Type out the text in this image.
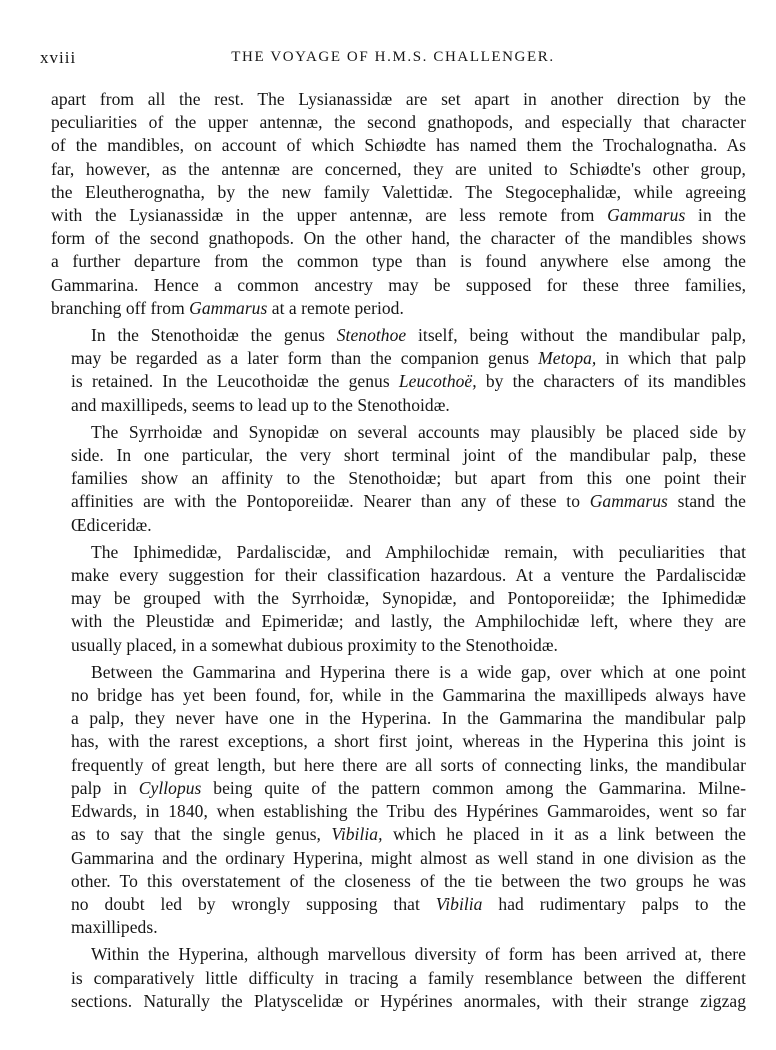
xviii	THE VOYAGE OF H.M.S. CHALLENGER.
apart from all the rest. The Lysianassidæ are set apart in another direction by the
peculiarities of the upper antennæ, the second gnathopods, and especially that character
of the mandibles, on account of which Schiødte has named them the Trochalognatha. As
far, however, as the antennæ are concerned, they are united to Schiødte's other group,
the Eleutherognatha, by the new family Valettidæ. The Stegocephalidæ, while agreeing
with the Lysianassidæ in the upper antennæ, are less remote from Gammarus in the
form of the second gnathopods. On the other hand, the character of the mandibles shows
a further departure from the common type than is found anywhere else among the
Gammarina. Hence a common ancestry may be supposed for these three families,
branching off from Gammarus at a remote period.
In the Stenothoidæ the genus Stenothoe itself, being without the mandibular palp,
may be regarded as a later form than the companion genus Metopa, in which that palp
is retained. In the Leucothoidæ the genus Leucothoë, by the characters of its mandibles
and maxillipeds, seems to lead up to the Stenothoidæ.
The Syrrhoidæ and Synopidæ on several accounts may plausibly be placed side by
side. In one particular, the very short terminal joint of the mandibular palp, these
families show an affinity to the Stenothoidæ; but apart from this one point their
affinities are with the Pontoporeiidæ. Nearer than any of these to Gammarus stand the
Œdiceridæ.
The Iphimedidæ, Pardaliscidæ, and Amphilochidæ remain, with peculiarities that
make every suggestion for their classification hazardous. At a venture the Pardaliscidæ
may be grouped with the Syrrhoidæ, Synopidæ, and Pontoporeiidæ; the Iphimedidæ
with the Pleustidæ and Epimeridæ; and lastly, the Amphilochidæ left, where they are
usually placed, in a somewhat dubious proximity to the Stenothoidæ.
Between the Gammarina and Hyperina there is a wide gap, over which at one point
no bridge has yet been found, for, while in the Gammarina the maxillipeds always have
a palp, they never have one in the Hyperina. In the Gammarina the mandibular palp
has, with the rarest exceptions, a short first joint, whereas in the Hyperina this joint is
frequently of great length, but here there are all sorts of connecting links, the mandibular
palp in Cyllopus being quite of the pattern common among the Gammarina. Milne-
Edwards, in 1840, when establishing the Tribu des Hypérines Gammaroides, went so far
as to say that the single genus, Vibilia, which he placed in it as a link between the
Gammarina and the ordinary Hyperina, might almost as well stand in one division as the
other. To this overstatement of the closeness of the tie between the two groups he was
no doubt led by wrongly supposing that Vibilia had rudimentary palps to the
maxillipeds.
Within the Hyperina, although marvellous diversity of form has been arrived at, there
is comparatively little difficulty in tracing a family resemblance between the different
sections. Naturally the Platyscelidæ or Hypérines anormales, with their strange zigzag
